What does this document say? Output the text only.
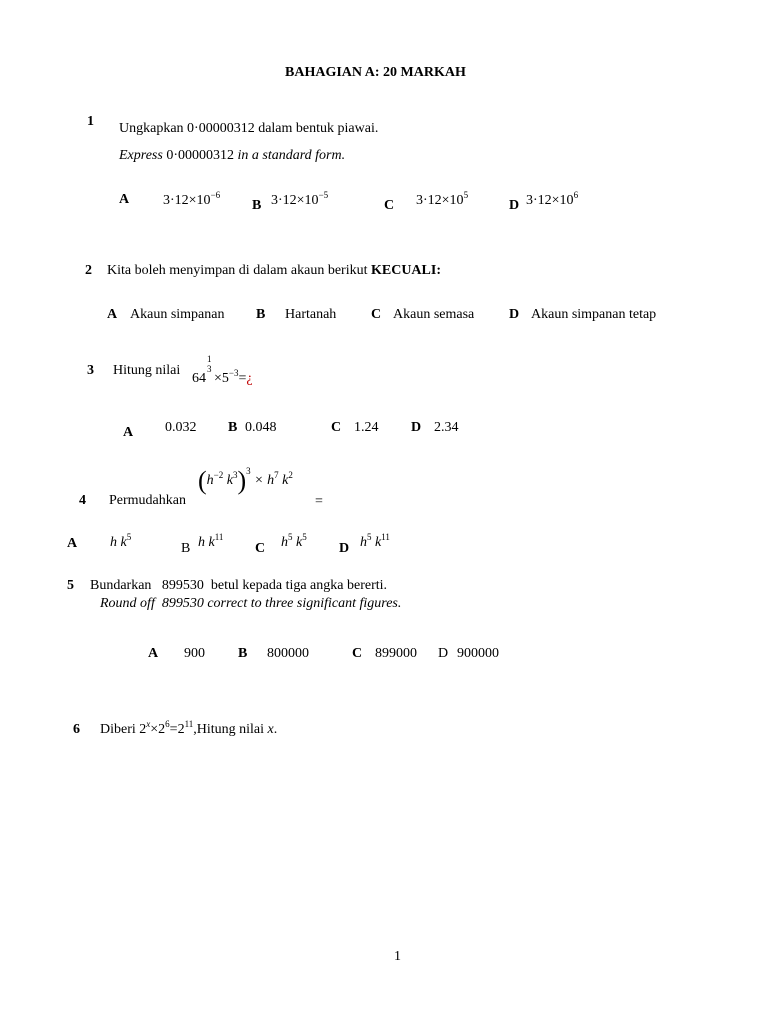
BAHAGIAN A: 20 MARKAH
1 Ungkapkan 0·00000312 dalam bentuk piawai.
Express 0·00000312 in a standard form.
A $3\cdot 12\times 10^{-6}$
B $3\cdot 12\times 10^{-5}$
C $3\cdot 12\times 10^5$
D $3\cdot 12\times 10^6$
2 Kita boleh menyimpan di dalam akaun berikut KECUALI:
A Akaun simpanan B Hartanah C Akaun semasa D Akaun simpanan tetap
3 Hitung nilai
64
1
3
$\times 5^{-3}=¿$
A 0.032 B 0.048	C 1.24 D 2.34
4 Permudahkan
($h^{-2}$ $k^3)^3 \times h^7$ $k^2$
=
A h $k^5$
B h $k^{11}$
C $h^5$ $k^5$
D $h^5$ $k^{11}$
5 Bundarkan   899530  betul kepada tiga angka bererti.
Round off  899530 correct to three significant figures.
A 900 B 800000	C 899000 D 900000
6 Diberi $2^x\times 2^6=2^{11},Hitung$ nilai x.
1
